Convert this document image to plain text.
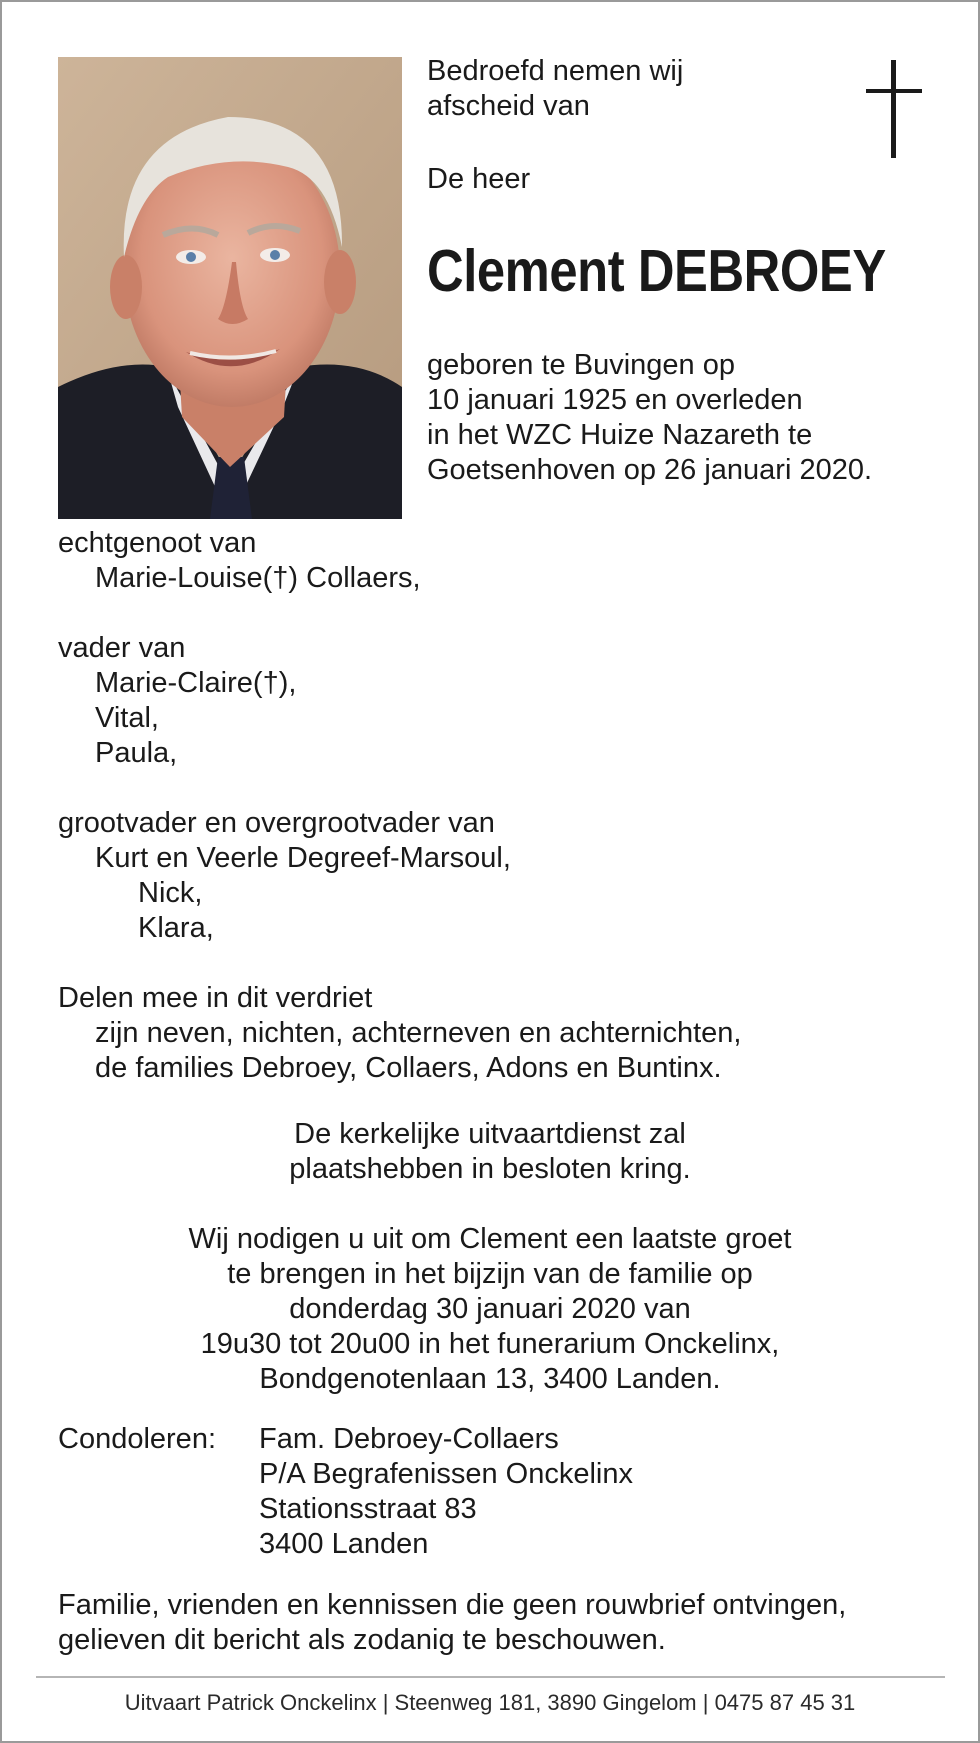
Bedroefd nemen wij
afscheid van
De heer
Clement DEBROEY
geboren te Buvingen op
10 januari 1925 en overleden
in het WZC Huize Nazareth te
Goetsenhoven op 26 januari 2020.
echtgenoot van
Marie-Louise(†) Collaers,
vader van
Marie-Claire(†),
Vital,
Paula,
grootvader en overgrootvader van
Kurt en Veerle Degreef-Marsoul,
Nick,
Klara,
Delen mee in dit verdriet
zijn neven, nichten, achterneven en achternichten,
de families Debroey, Collaers, Adons en Buntinx.
De kerkelijke uitvaartdienst zal
plaatshebben in besloten kring.
Wij nodigen u uit om Clement een laatste groet
te brengen in het bijzijn van de familie op
donderdag 30 januari 2020 van
19u30 tot 20u00 in het funerarium Onckelinx,
Bondgenotenlaan 13, 3400 Landen.
Condoleren: Fam. Debroey-Collaers
P/A Begrafenissen Onckelinx
Stationsstraat 83
3400 Landen
Familie, vrienden en kennissen die geen rouwbrief ontvingen,
gelieven dit bericht als zodanig te beschouwen.
Uitvaart Patrick Onckelinx | Steenweg 181, 3890 Gingelom | 0475 87 45 31
